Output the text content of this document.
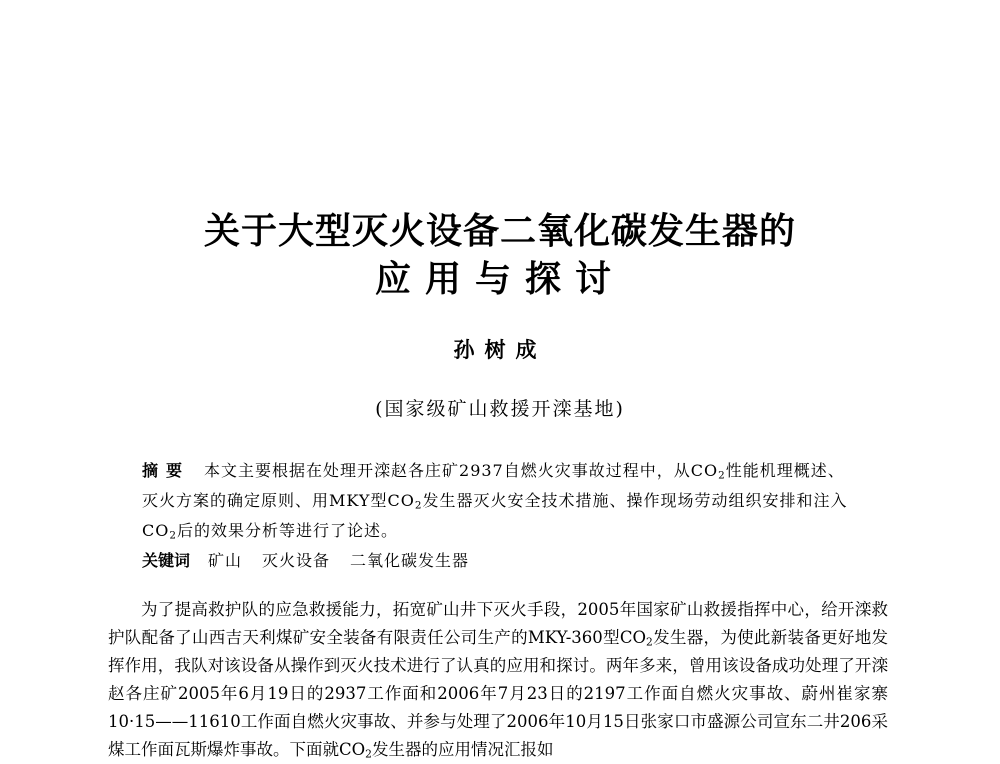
关于大型灭火设备二氧化碳发生器的
应用与探讨
孙树成
(国家级矿山救援开滦基地)
摘要 本文主要根据在处理开滦赵各庄矿2937自燃火灾事故过程中，从$CO_2$性能机理概述、灭火方案的确定原则、用MKY型$CO_2$发生器灭火安全技术措施、操作现场劳动组织安排和注入$CO_2$后的效果分析等进行了论述。
关键词 矿山 灭火设备 二氧化碳发生器

为了提高救护队的应急救援能力，拓宽矿山井下灭火手段，2005年国家矿山救援指挥中心，给开滦救护队配备了山西吉天利煤矿安全装备有限责任公司生产的MKY-360型$CO_2$发生器，为使此新装备更好地发挥作用，我队对该设备从操作到灭火技术进行了认真的应用和探讨。两年多来，曾用该设备成功处理了开滦赵各庄矿2005年6月19日的2937工作面和2006年7月23日的2197工作面自燃火灾事故、蔚州崔家寨10·15——11610工作面自燃火灾事故、并参与处理了2006年10月15日张家口市盛源公司宣东二井206采煤工作面瓦斯爆炸事故。下面就$CO_2$发生器的应用情况汇报如
